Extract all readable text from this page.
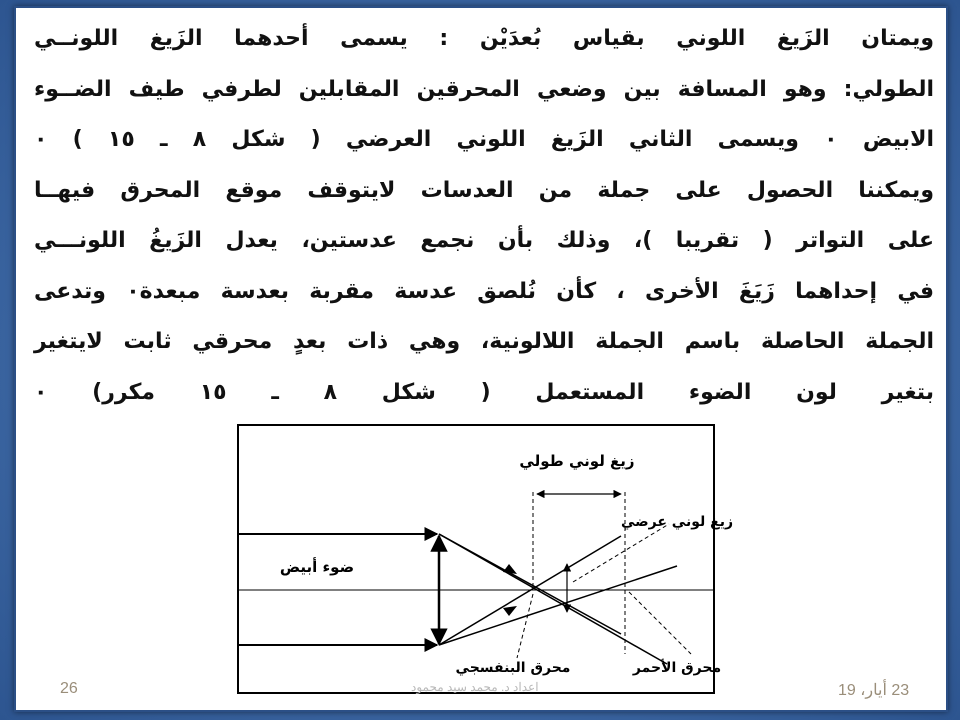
ويمتان الزَيغ اللوني بقياس بُعدَيْن : يسمى أحدهما الزَيغ اللونــي
الطولي: وهو المسافة بين وضعي المحرقين المقابلين لطرفي طيف الضــوء
الابيض ٠ ويسمى الثاني الزَيغ اللوني العرضي ( شكل ٨ ـ ١٥ ) ٠
ويمكننا الحصول على جملة من العدسات لايتوقف موقع المحرق فيهــا
على التواتر ( تقريبا )، وذلك بأن نجمع عدستين، يعدل الزَيغُ اللونـــي
في إحداهما زَيَغَ الأخرى ، كأن نُلصق عدسة مقربة بعدسة مبعدة٠ وتدعى
الجملة الحاصلة باسم الجملة اللالونية، وهي ذات بعدٍ محرقي ثابت لايتغير
بتغير لون الضوء المستعمل ( شكل ٨ ـ ١٥ مكرر) ٠
زيغ لوني طولي
زيغ لوني عرضي
ضوء أبيض
محرق البنفسجي	محرق الأحمر
26	اعداد د. محمد سيد محمود	23 أيار، 19
